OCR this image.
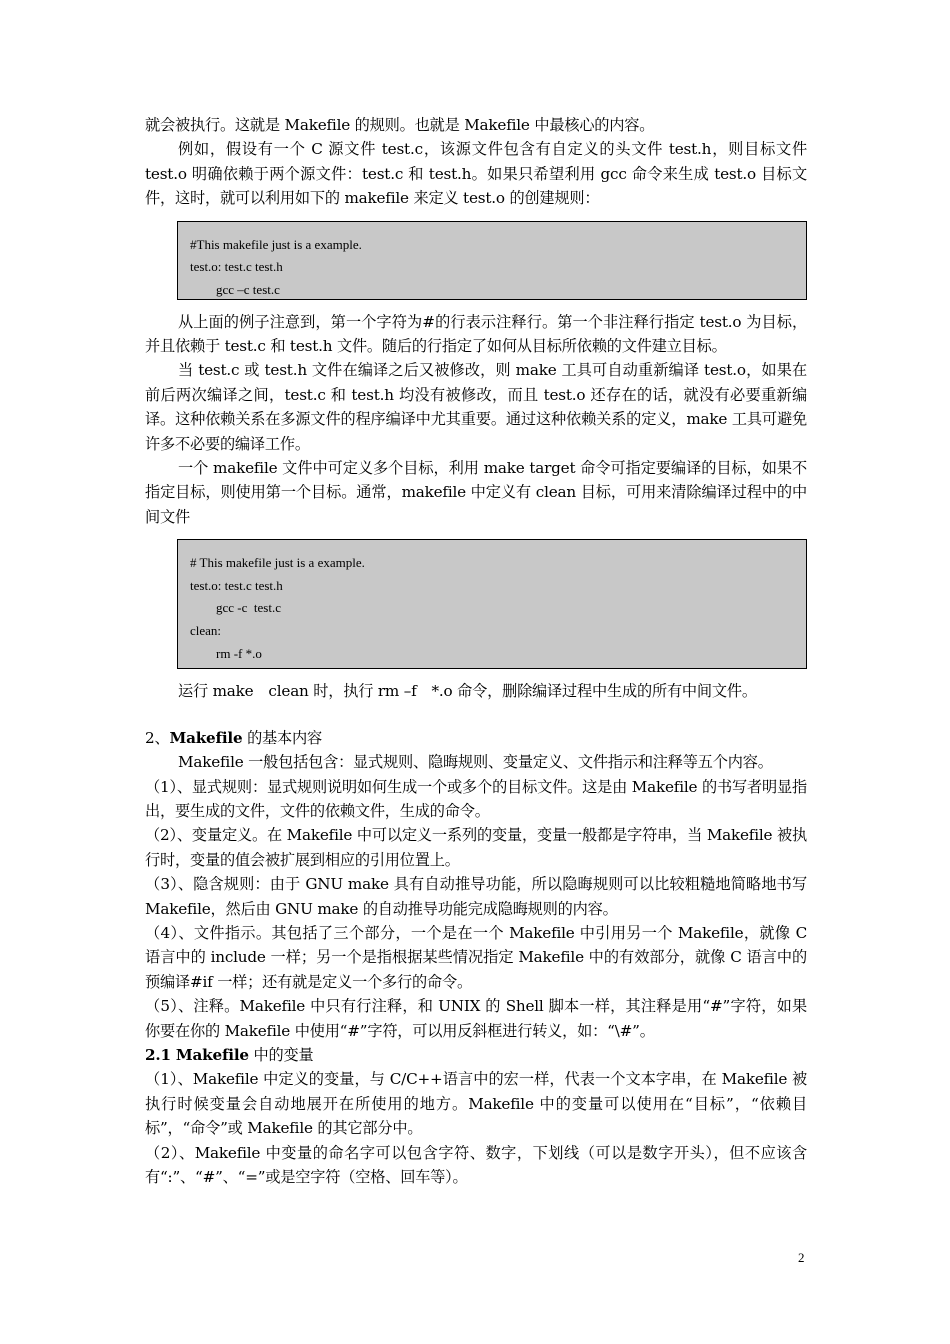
就会被执行。这就是 Makefile 的规则。也就是 Makefile 中最核心的内容。

例如，假设有一个 C 源文件 test.c，该源文件包含有自定义的头文件 test.h，则目标文件 test.o 明确依赖于两个源文件：test.c 和 test.h。如果只希望利用 gcc 命令来生成 test.o 目标文件，这时，就可以利用如下的 makefile 来定义 test.o 的创建规则：

#This makefile just is a example.
test.o: test.c test.h
gcc –c test.c

从上面的例子注意到，第一个字符为#的行表示注释行。第一个非注释行指定 test.o 为目标，并且依赖于 test.c 和 test.h 文件。随后的行指定了如何从目标所依赖的文件建立目标。

当 test.c 或 test.h 文件在编译之后又被修改，则 make 工具可自动重新编译 test.o，如果在前后两次编译之间，test.c 和 test.h 均没有被修改，而且 test.o 还存在的话，就没有必要重新编译。这种依赖关系在多源文件的程序编译中尤其重要。通过这种依赖关系的定义，make 工具可避免许多不必要的编译工作。

一个 makefile 文件中可定义多个目标，利用 make target 命令可指定要编译的目标，如果不指定目标，则使用第一个目标。通常，makefile 中定义有 clean 目标，可用来清除编译过程中的中间文件

# This makefile just is a example.
test.o: test.c test.h
gcc -c  test.c
clean:
rm -f *.o

运行 make　clean 时，执行 rm –f　*.o 命令，删除编译过程中生成的所有中间文件。

2、Makefile 的基本内容

Makefile 一般包括包含：显式规则、隐晦规则、变量定义、文件指示和注释等五个内容。

（1）、显式规则：显式规则说明如何生成一个或多个的目标文件。这是由 Makefile 的书写者明显指出，要生成的文件，文件的依赖文件，生成的命令。

（2）、变量定义。在 Makefile 中可以定义一系列的变量，变量一般都是字符串，当 Makefile 被执行时，变量的值会被扩展到相应的引用位置上。

（3）、隐含规则：由于 GNU make 具有自动推导功能，所以隐晦规则可以比较粗糙地简略地书写 Makefile，然后由 GNU make 的自动推导功能完成隐晦规则的内容。

（4）、文件指示。其包括了三个部分，一个是在一个 Makefile 中引用另一个 Makefile，就像 C 语言中的 include 一样；另一个是指根据某些情况指定 Makefile 中的有效部分，就像 C 语言中的预编译#if 一样；还有就是定义一个多行的命令。

（5）、注释。Makefile 中只有行注释，和 UNIX 的 Shell 脚本一样，其注释是用“#”字符，如果你要在你的 Makefile 中使用“#”字符，可以用反斜框进行转义，如：“\#”。

2.1 Makefile 中的变量

（1）、Makefile 中定义的变量，与 C/C++语言中的宏一样，代表一个文本字串，在 Makefile 被执行时候变量会自动地展开在所使用的地方。Makefile 中的变量可以使用在“目标”，“依赖目标”，“命令”或 Makefile 的其它部分中。

（2）、Makefile 中变量的命名字可以包含字符、数字，下划线（可以是数字开头），但不应该含有“:”、“#”、“=”或是空字符（空格、回车等）。

2
